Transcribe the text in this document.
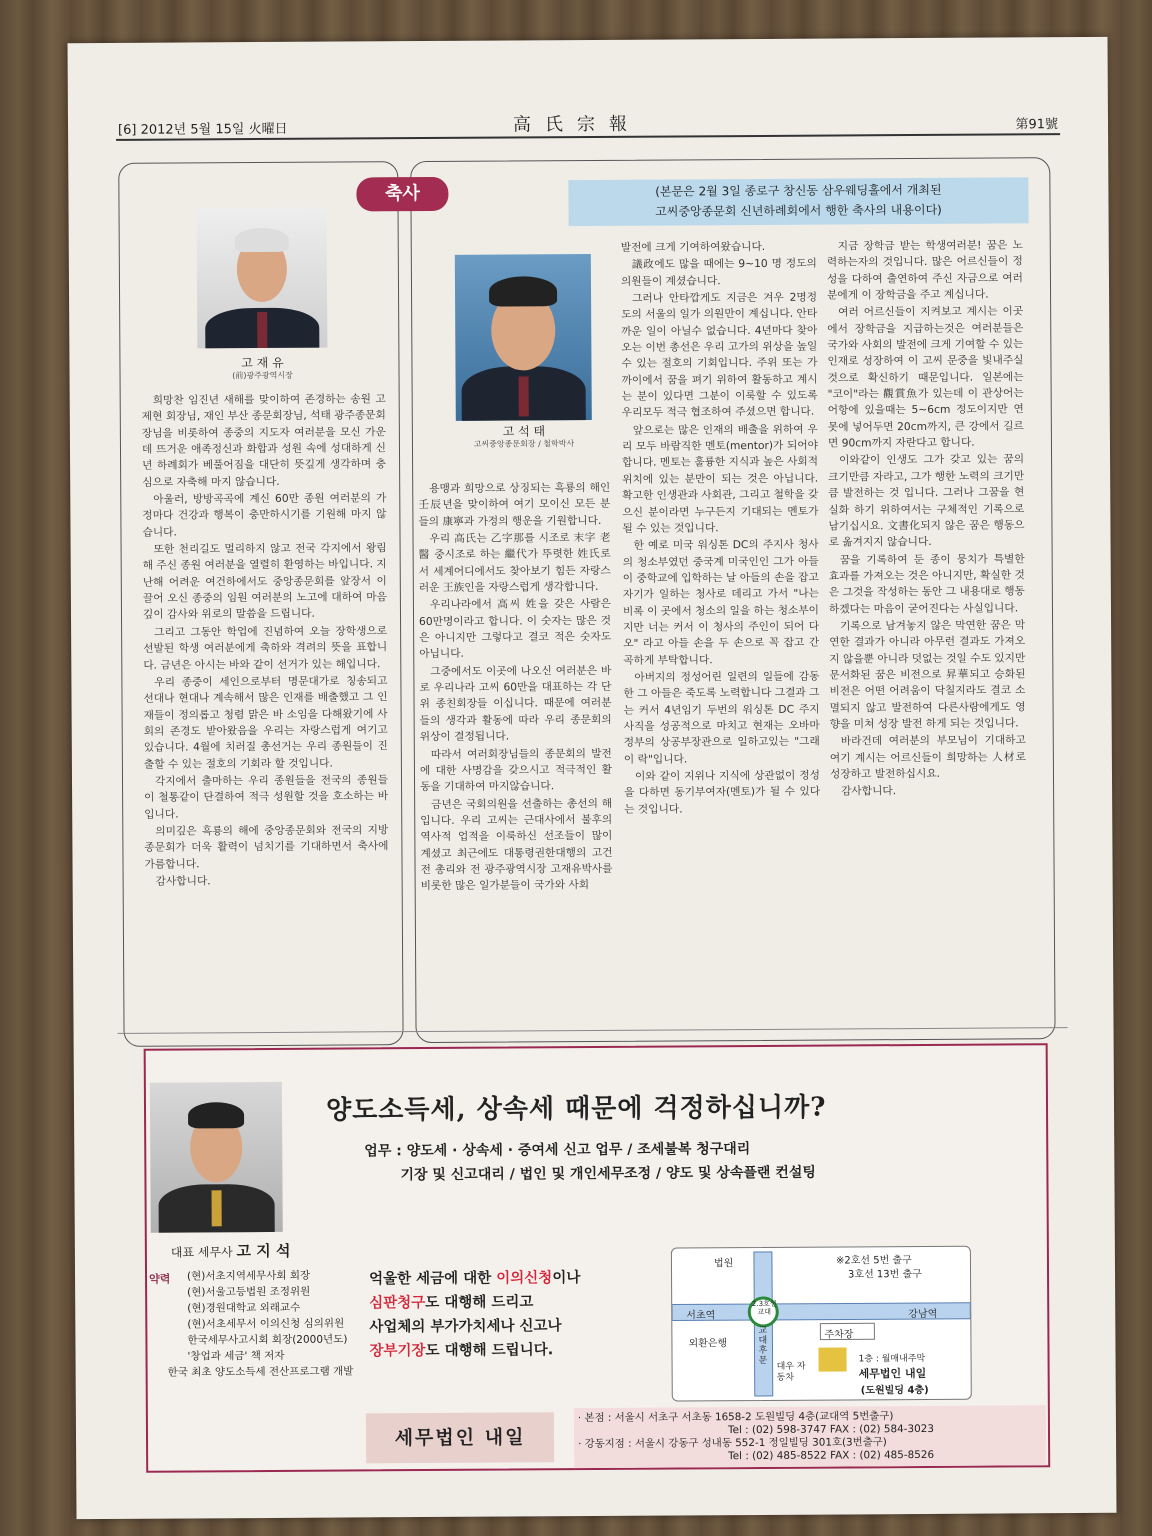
[6] 2012년 5월 15일 火曜日	高氏宗報	第91號
축사	(본문은 2월 3일 종로구 창신동 삼우웨딩홀에서 개최된
고씨중앙종문회 신년하례회에서 행한 축사의 내용이다)
고 재 유
(前)광주광역시장
고 석 태
고씨중앙종문회장 / 철학박사

희망찬 임진년 새해를 맞이하여 존경하는 송원 고제현 회장님, 재인 부산 종문회장님, 석태 광주종문회장님을 비롯하여 종중의 지도자 여러분을 모신 가운데 뜨거운 애족정신과 화합과 성원 속에 성대하게 신년 하례회가 베풀어짐을 대단히 뜻깊게 생각하며 충심으로 자축해 마지 않습니다.

아울러, 방방곡곡에 계신 60만 종원 여러분의 가정마다 건강과 행복이 충만하시기를 기원해 마지 않습니다.

또한 천리길도 멀리하지 않고 전국 각지에서 왕림해 주신 종원 여러분을 열렬히 환영하는 바입니다. 지난해 어려운 여건하에서도 중앙종문회를 앞장서 이끌어 오신 종중의 임원 여러분의 노고에 대하여 마음깊이 감사와 위로의 말씀을 드립니다.

그리고 그동안 학업에 진념하여 오늘 장학생으로 선발된 학생 여러분에게 축하와 격려의 뜻을 표합니다. 금년은 아시는 바와 같이 선거가 있는 해입니다.

우리 종중이 세인으로부터 명문대가로 칭송되고 선대나 현대나 계속해서 많은 인재를 배출했고 그 인재들이 정의롭고 청렴 맑은 바 소임을 다해왔기에 사회의 존경도 받아왔음을 우리는 자랑스럽게 여기고 있습니다. 4월에 치러질 총선거는 우리 종원들이 진출할 수 있는 절호의 기회라 할 것입니다.

각지에서 출마하는 우리 종원들을 전국의 종원들이 철통같이 단결하여 적극 성원할 것을 호소하는 바입니다.

의미깊은 흑룡의 해에 중앙종문회와 전국의 지방 종문회가 더욱 활력이 넘치기를 기대하면서 축사에 가름합니다.

감사합니다.

용맹과 희망으로 상징되는 흑룡의 해인 壬辰년을 맞이하여 여기 모이신 모든 분들의 康寧과 가정의 행운을 기원합니다.

우리 高氏는 乙字那를 시조로 末字 老醫 중시조로 하는 繼代가 뚜렷한 姓氏로서 세계어디에서도 찾아보기 힘든 자랑스러운 王族인을 자랑스럽게 생각합니다.

우리나라에서 高씨 姓을 갖은 사람은 60만명이라고 합니다. 이 숫자는 많은 것은 아니지만 그렇다고 결코 적은 숫자도 아닙니다.

그중에서도 이곳에 나오신 여러분은 바로 우리나라 고씨 60만을 대표하는 각 단위 종친회장들 이십니다. 때문에 여러분들의 생각과 활동에 따라 우리 종문회의 위상이 결정됩니다.

따라서 여러회장님들의 종문회의 발전에 대한 사명감을 갖으시고 적극적인 활동을 기대하여 마지않습니다.

금년은 국회의원을 선출하는 총선의 해입니다. 우리 고씨는 근대사에서 불후의 역사적 업적을 이룩하신 선조들이 많이 계셨고 최근에도 대통령권한대행의 고건 전 총리와 전 광주광역시장 고재유박사를 비롯한 많은 일가분들이 국가와 사회

발전에 크게 기여하여왔습니다.

議政에도 많을 때에는 9~10 명 정도의 의원들이 계셨습니다.

그러나 안타깝게도 지금은 겨우 2명정도의 서울의 일가 의원만이 계십니다. 안타까운 일이 아닐수 없습니다. 4년마다 찾아오는 이번 총선은 우리 고가의 위상을 높일 수 있는 절호의 기회입니다. 주위 또는 가까이에서 꿈을 펴기 위하여 활동하고 계시는 분이 있다면 그분이 이룩할 수 있도록 우리모두 적극 협조하여 주셨으면 합니다.

앞으로는 많은 인재의 배출을 위하여 우리 모두 바람직한 멘토(mentor)가 되어야 합니다. 멘토는 훌륭한 지식과 높은 사회적 위치에 있는 분만이 되는 것은 아닙니다. 확고한 인생관과 사회관, 그리고 철학을 갖으신 분이라면 누구든지 기대되는 멘토가 될 수 있는 것입니다.

한 예로 미국 워싱톤 DC의 주지사 청사의 청소부였던 중국계 미국인인 그가 아들이 중학교에 입학하는 날 아들의 손을 잡고 자기가 일하는 청사로 데리고 가서 "나는 비록 이 곳에서 청소의 일을 하는 청소부이지만 너는 커서 이 청사의 주인이 되어 다오" 라고 아들 손을 두 손으로 꼭 잡고 간곡하게 부탁합니다.

아버지의 정성어린 일련의 일들에 감동한 그 아들은 죽도록 노력합니다 그결과 그는 커서 4년임기 두번의 워싱톤 DC 주지사직을 성공적으로 마치고 현재는 오바마 정부의 상공부장관으로 일하고있는 "그래이 락"입니다.

이와 같이 지위나 지식에 상관없이 정성을 다하면 동기부여자(멘토)가 될 수 있다는 것입니다.

지금 장학금 받는 학생여러분! 꿈은 노력하는자의 것입니다. 많은 어르신들이 정성을 다하여 출연하여 주신 자금으로 여러분에게 이 장학금을 주고 계십니다.

여러 어르신들이 지켜보고 계시는 이곳에서 장학금을 지급하는것은 여러분들은 국가와 사회의 발전에 크게 기여할 수 있는 인재로 성장하여 이 고씨 문중을 빛내주실 것으로 확신하기 때문입니다. 일본에는 "코이"라는 觀賞魚가 있는데 이 관상어는 어항에 있을때는 5~6cm 정도이지만 연못에 넣어두면 20cm까지, 큰 강에서 길르면 90cm까지 자란다고 합니다.

이와같이 인생도 그가 갖고 있는 꿈의 크기만큼 자라고, 그가 행한 노력의 크기만큼 발전하는 것 입니다. 그러나 그꿈을 현실화 하기 위하여서는 구체적인 기록으로 남기십시요. 文書化되지 않은 꿈은 행동으로 옮겨지지 않습니다.

꿈을 기록하여 둔 종이 뭉치가 특별한 효과를 가져오는 것은 아니지만, 확실한 것은 그것을 작성하는 동안 그 내용대로 행동하겠다는 마음이 굳어진다는 사실입니다.

기록으로 남겨놓지 않은 막연한 꿈은 막연한 결과가 아니라 아무런 결과도 가져오지 않을뿐 아니라 덧없는 것일 수도 있지만 문서화된 꿈은 비전으로 昇華되고 승화된 비전은 어떤 어려움이 닥칠지라도 결코 소멸되지 않고 발전하여 다른사람에게도 영향을 미쳐 성장 발전 하게 되는 것입니다.

바라건데 여러분의 부모님이 기대하고 여기 계시는 어르신들이 희망하는 人材로 성장하고 발전하십시요.

감사합니다.

양도소득세, 상속세 때문에 걱정하십니까?
업무 : 양도세 · 상속세 · 증여세 신고 업무 / 조세불복 청구대리
기장 및 신고대리 / 법인 및 개인세무조정 / 양도 및 상속플랜 컨설팅
대표 세무사 고 지 석
약력 (현)서초지역세무사회 회장
(현)서울고등법원 조정위원
(현)경원대학교 외래교수
(현)서초세무서 이의신청 심의위원
한국세무사고시회 회장(2000년도)
'창업과 세금' 책 저자
한국 최초 양도소득세 전산프로그램 개발
억울한 세금에 대한 이의신청이나
심판청구도 대행해 드리고
사업체의 부가가치세나 신고나
장부기장도 대행해 드립니다.
법원	※2호선 5번 출구
3호선 13번 출구
서초역	강남역
2.3호선 교대
외환은행
주차장
교대후문
대우 자동차
1층 : 월매내주막
세무법인 내일
(도원빌딩 4층)
세무법인 내일
· 본점 : 서울시 서초구 서초동 1658-2 도원빌딩 4층(교대역 5번출구)
Tel : (02) 598-3747 FAX : (02) 584-3023
· 강동지점 : 서울시 강동구 성내동 552-1 정일빌딩 301호(3번출구)
Tel : (02) 485-8522 FAX : (02) 485-8526
